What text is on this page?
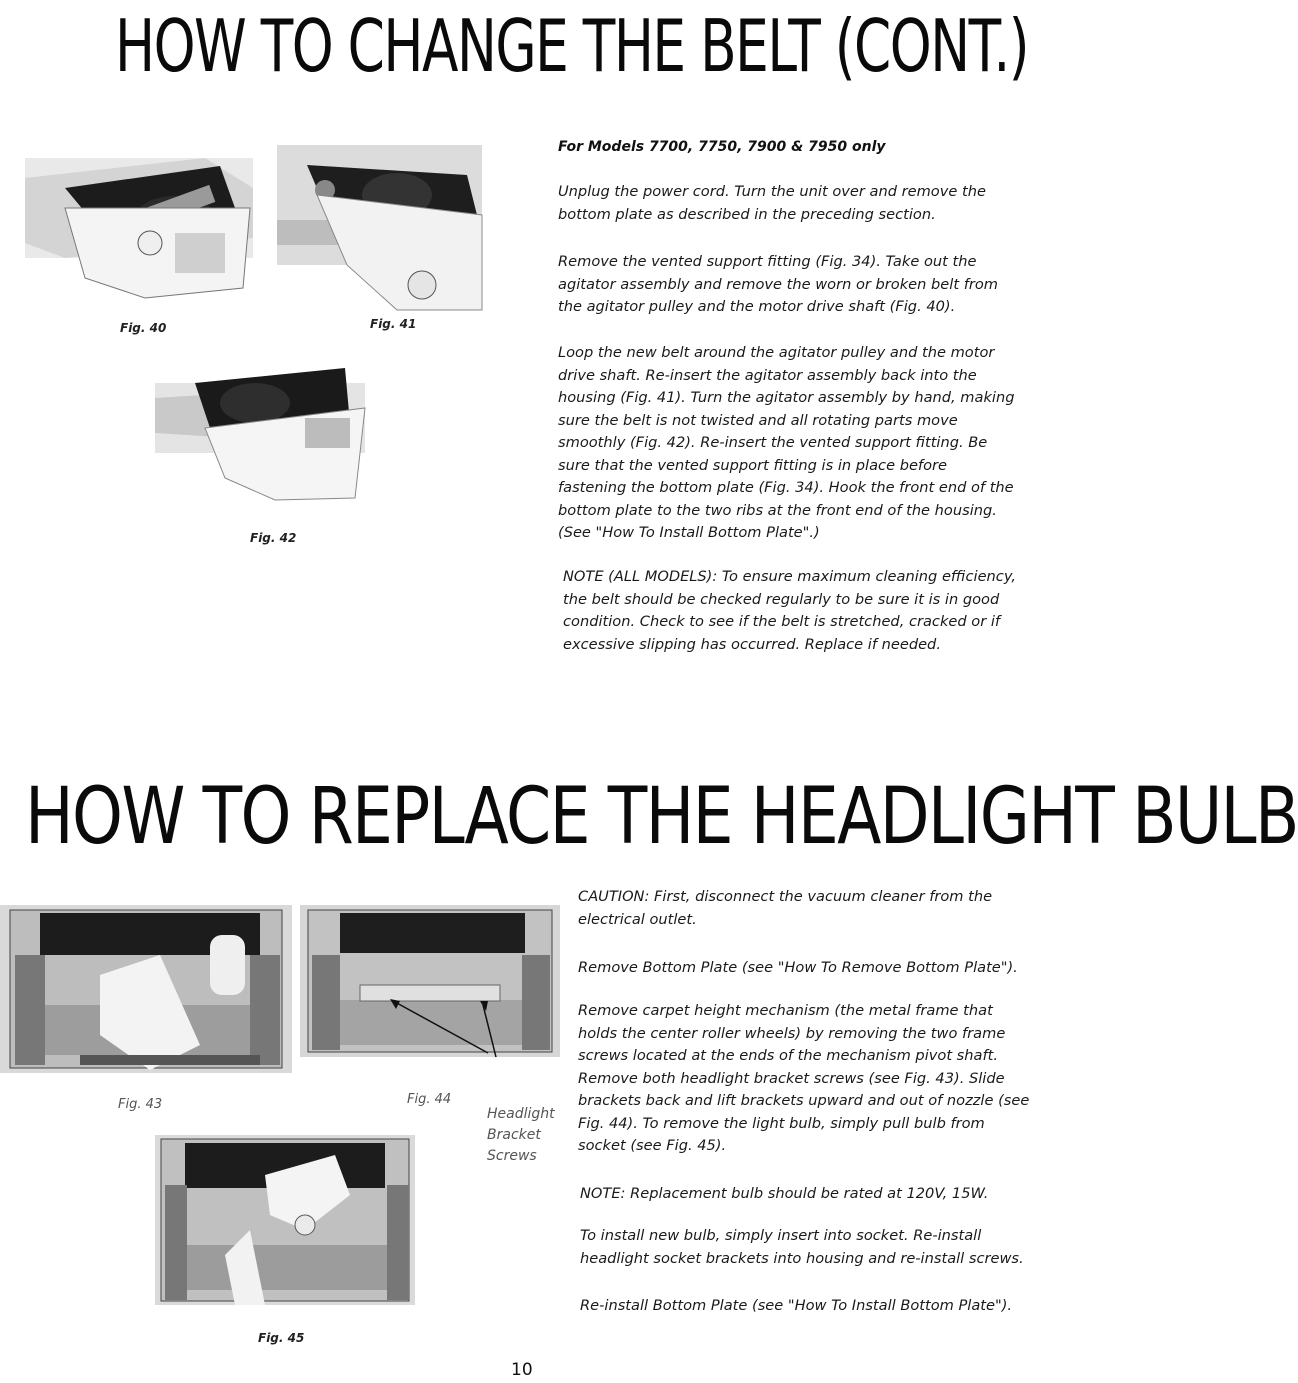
HOW TO CHANGE THE BELT (CONT.)
HOW TO REPLACE THE HEADLIGHT BULB
For Models 7700, 7750, 7900 & 7950 only

Unplug the power cord. Turn the unit over and remove the bottom plate as described in the preceding section.

Remove the vented support fitting (Fig. 34). Take out the agitator assembly and remove the worn or broken belt from the agitator pulley and the motor drive shaft (Fig. 40).

Loop the new belt around the agitator pulley and the motor drive shaft. Re-insert the agitator assembly back into the housing (Fig. 41). Turn the agitator assembly by hand, making sure the belt is not twisted and all rotating parts move smoothly (Fig. 42). Re-insert the vented support fitting. Be sure that the vented support fitting is in place before fastening the bottom plate (Fig. 34). Hook the front end of the bottom plate to the two ribs at the front end of the housing. (See "How To Install Bottom Plate".)

NOTE (ALL MODELS): To ensure maximum cleaning efficiency, the belt should be checked regularly to be sure it is in good condition. Check to see if the belt is stretched, cracked or if excessive slipping has occurred. Replace if needed.

Fig. 40	Fig. 41
Fig. 42
Fig. 43	Fig. 44
Fig. 45
Headlight
Bracket
Screws

CAUTION: First, disconnect the vacuum cleaner from the electrical outlet.

Remove Bottom Plate (see "How To Remove Bottom Plate").

Remove carpet height mechanism (the metal frame that holds the center roller wheels) by removing the two frame screws located at the ends of the mechanism pivot shaft. Remove both headlight bracket screws (see Fig. 43). Slide brackets back and lift brackets upward and out of nozzle (see Fig. 44). To remove the light bulb, simply pull bulb from socket (see Fig. 45).

NOTE: Replacement bulb should be rated at 120V, 15W.

To install new bulb, simply insert into socket. Re-install headlight socket brackets into housing and re-install screws.

Re-install Bottom Plate (see "How To Install Bottom Plate").

10
